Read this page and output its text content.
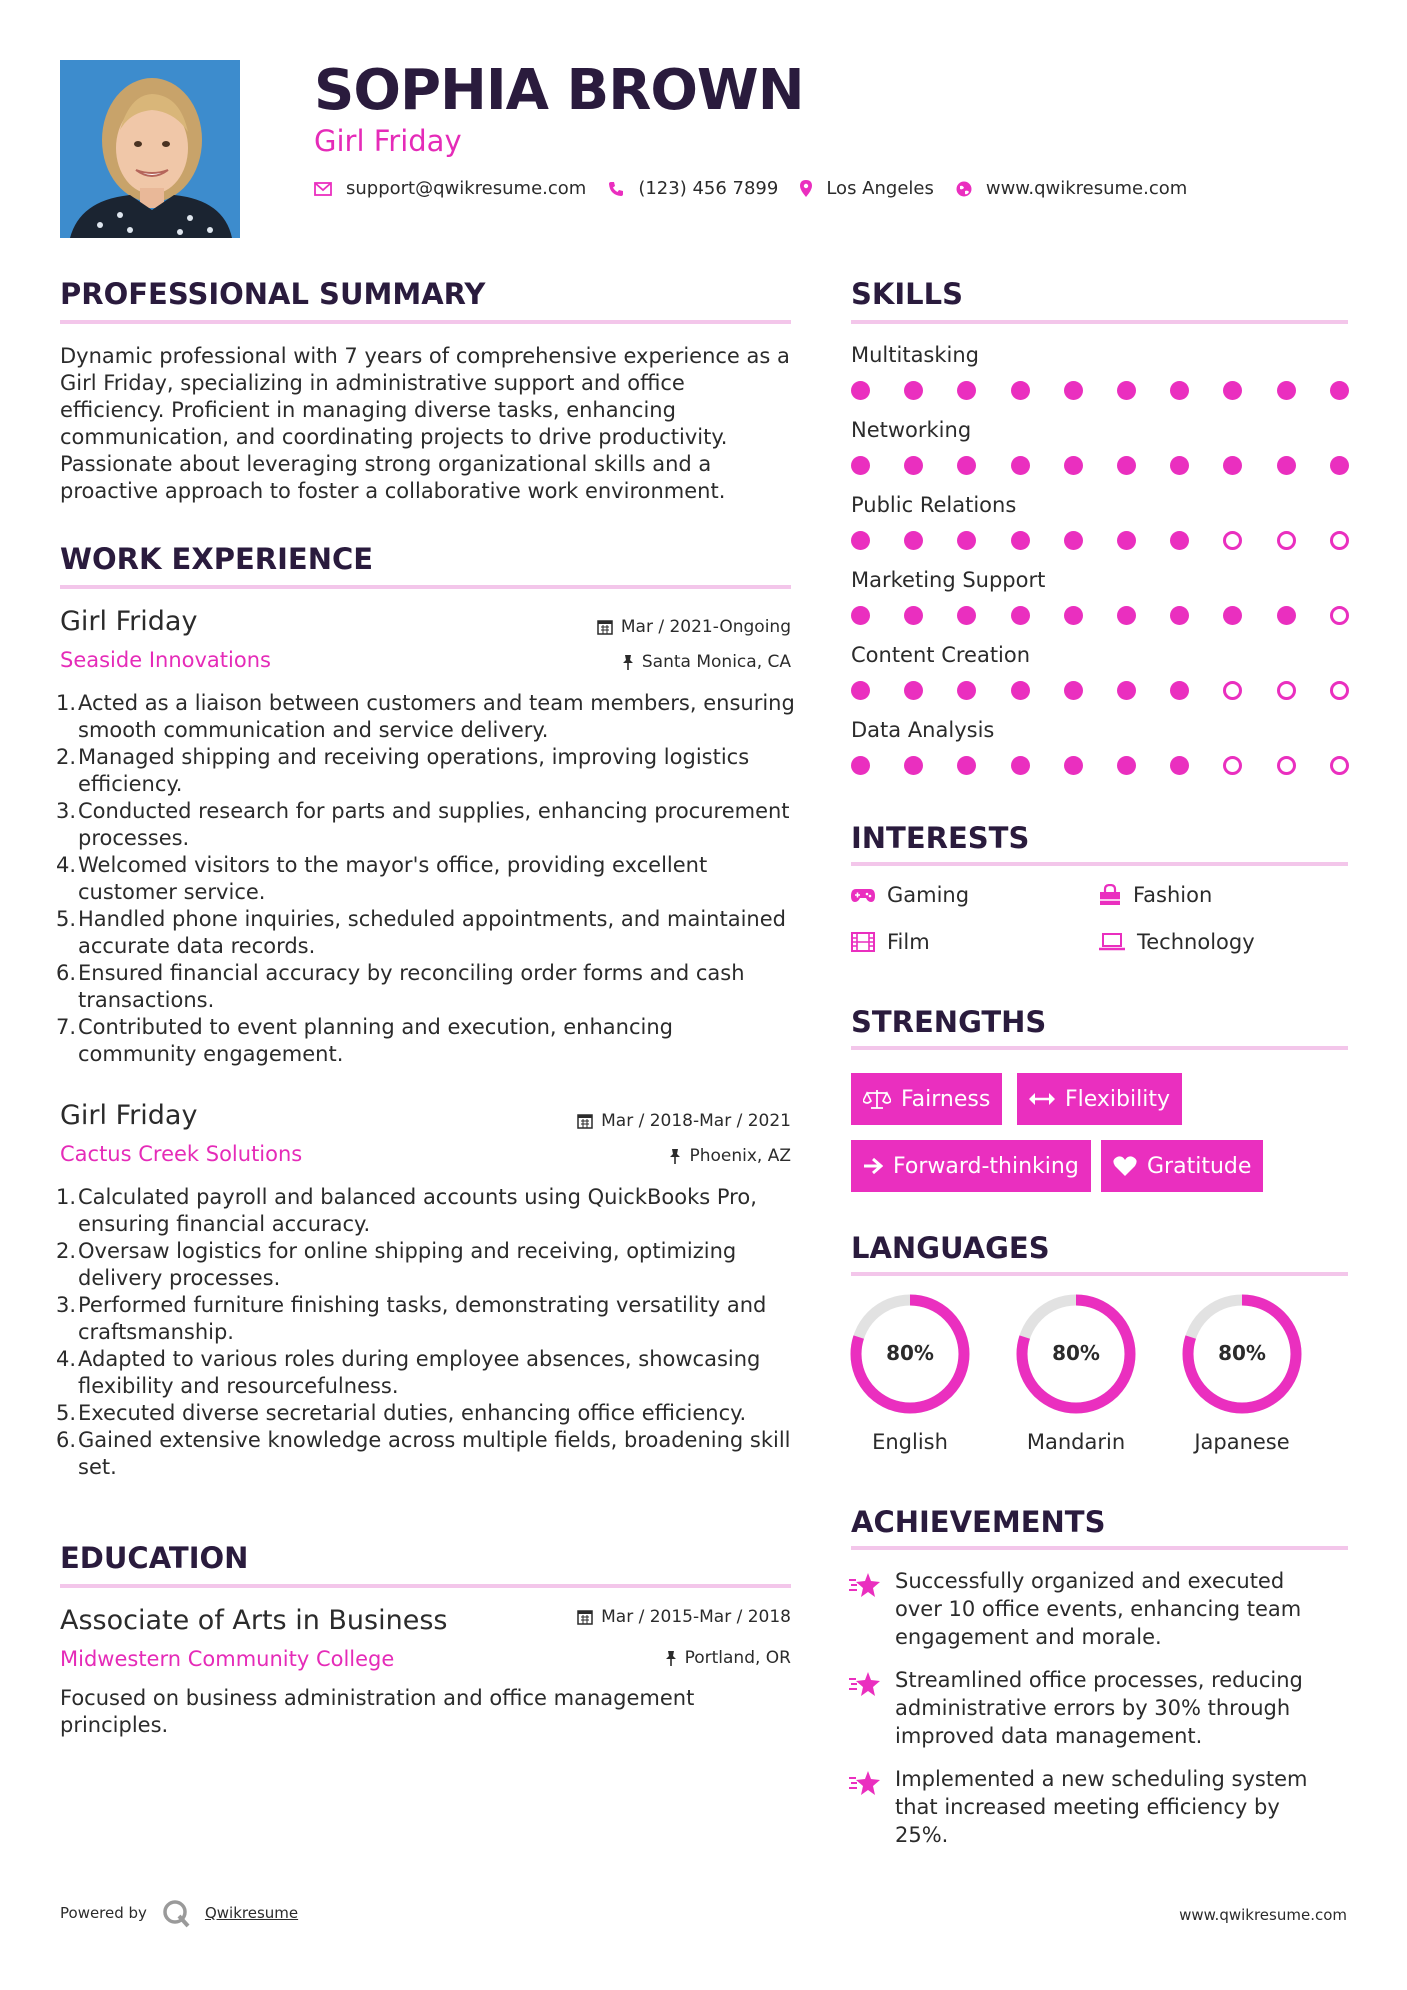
SOPHIA BROWN
Girl Friday
support@qwikresume.com	(123) 456 7899	Los Angeles	www.qwikresume.com
PROFESSIONAL SUMMARY
Dynamic professional with 7 years of comprehensive experience as a Girl Friday, specializing in administrative support and office efficiency. Proficient in managing diverse tasks, enhancing communication, and coordinating projects to drive productivity. Passionate about leveraging strong organizational skills and a proactive approach to foster a collaborative work environment.
WORK EXPERIENCE
Girl Friday
Seaside Innovations
Mar / 2021-Ongoing
Santa Monica, CA
1. Acted as a liaison between customers and team members, ensuring smooth communication and service delivery.
2. Managed shipping and receiving operations, improving logistics efficiency.
3. Conducted research for parts and supplies, enhancing procurement processes.
4. Welcomed visitors to the mayor's office, providing excellent customer service.
5. Handled phone inquiries, scheduled appointments, and maintained accurate data records.
6. Ensured financial accuracy by reconciling order forms and cash transactions.
7. Contributed to event planning and execution, enhancing community engagement.
Girl Friday
Cactus Creek Solutions
Mar / 2018-Mar / 2021
Phoenix, AZ
1. Calculated payroll and balanced accounts using QuickBooks Pro, ensuring financial accuracy.
2. Oversaw logistics for online shipping and receiving, optimizing delivery processes.
3. Performed furniture finishing tasks, demonstrating versatility and craftsmanship.
4. Adapted to various roles during employee absences, showcasing flexibility and resourcefulness.
5. Executed diverse secretarial duties, enhancing office efficiency.
6. Gained extensive knowledge across multiple fields, broadening skill set.
EDUCATION
Associate of Arts in Business
Midwestern Community College
Mar / 2015-Mar / 2018
Portland, OR
Focused on business administration and office management principles.
SKILLS
Multitasking
Networking
Public Relations
Marketing Support
Content Creation
Data Analysis
INTERESTS
Gaming	Fashion
Film	Technology
STRENGTHS
Fairness	Flexibility
Forward-thinking	Gratitude
LANGUAGES
80%
English
80%
Mandarin
80%
Japanese
ACHIEVEMENTS
Successfully organized and executed over 10 office events, enhancing team engagement and morale.
Streamlined office processes, reducing administrative errors by 30% through improved data management.
Implemented a new scheduling system that increased meeting efficiency by 25%.
Powered by	Qwikresume	www.qwikresume.com
